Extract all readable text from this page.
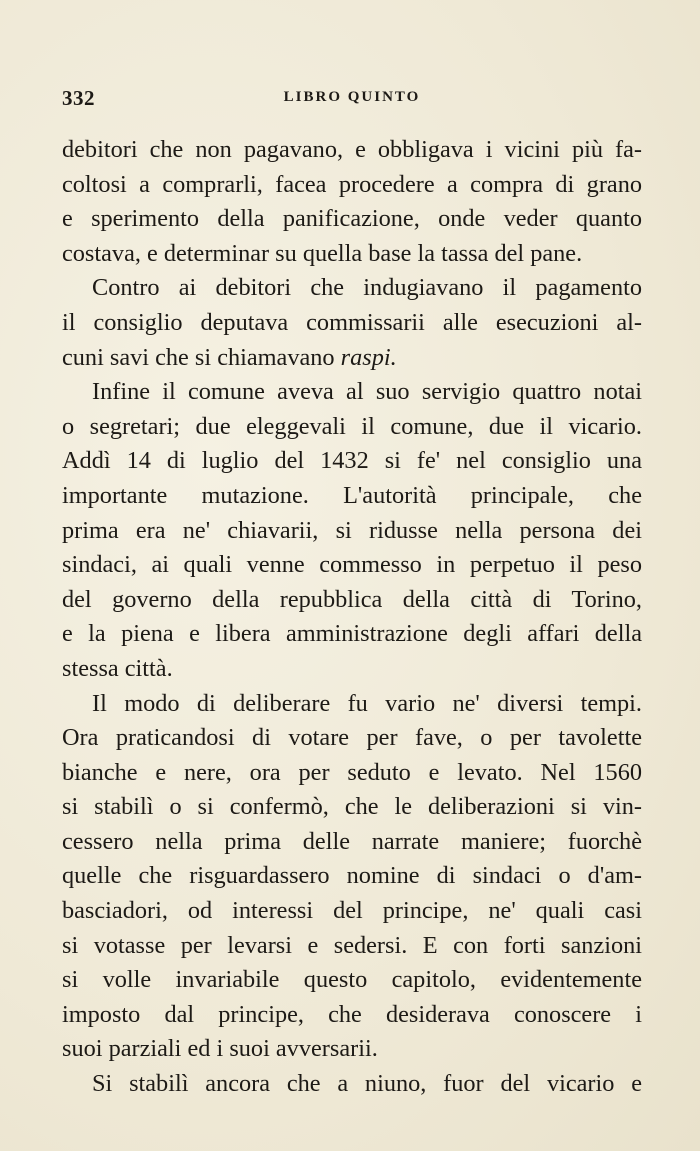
332	LIBRO QUINTO
debitori che non pagavano, e obbligava i vicini più fa-
coltosi a comprarli, facea procedere a compra di grano
e sperimento della panificazione, onde veder quanto
costava, e determinar su quella base la tassa del pane.
Contro ai debitori che indugiavano il pagamento
il consiglio deputava commissarii alle esecuzioni al-
cuni savi che si chiamavano raspi.
Infine il comune aveva al suo servigio quattro notai
o segretari; due eleggevali il comune, due il vicario.
Addì 14 di luglio del 1432 si fe' nel consiglio una
importante mutazione. L'autorità principale, che
prima era ne' chiavarii, si ridusse nella persona dei
sindaci, ai quali venne commesso in perpetuo il peso
del governo della repubblica della città di Torino,
e la piena e libera amministrazione degli affari della
stessa città.
Il modo di deliberare fu vario ne' diversi tempi.
Ora praticandosi di votare per fave, o per tavolette
bianche e nere, ora per seduto e levato. Nel 1560
si stabilì o si confermò, che le deliberazioni si vin-
cessero nella prima delle narrate maniere; fuorchè
quelle che risguardassero nomine di sindaci o d'am-
basciadori, od interessi del principe, ne' quali casi
si votasse per levarsi e sedersi. E con forti sanzioni
si volle invariabile questo capitolo, evidentemente
imposto dal principe, che desiderava conoscere i
suoi parziali ed i suoi avversarii.
Si stabilì ancora che a niuno, fuor del vicario e
